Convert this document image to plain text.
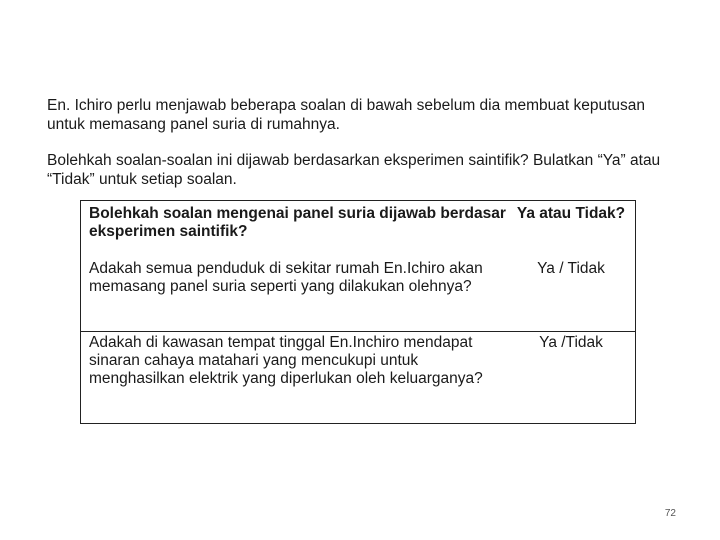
En. Ichiro perlu menjawab beberapa soalan di bawah sebelum dia membuat keputusan untuk memasang panel suria di rumahnya.

Bolehkah soalan-soalan ini dijawab berdasarkan eksperimen saintifik? Bulatkan “Ya” atau “Tidak” untuk setiap soalan.

Bolehkah soalan mengenai panel suria dijawab berdasar eksperimen saintifik?

Ya atau Tidak?

Adakah semua penduduk di sekitar rumah En.Ichiro akan memasang panel suria seperti yang dilakukan olehnya?

Ya / Tidak

Adakah di kawasan tempat tinggal En.Inchiro mendapat sinaran cahaya matahari yang mencukupi untuk menghasilkan elektrik yang diperlukan oleh keluarganya?

Ya /Tidak

72
